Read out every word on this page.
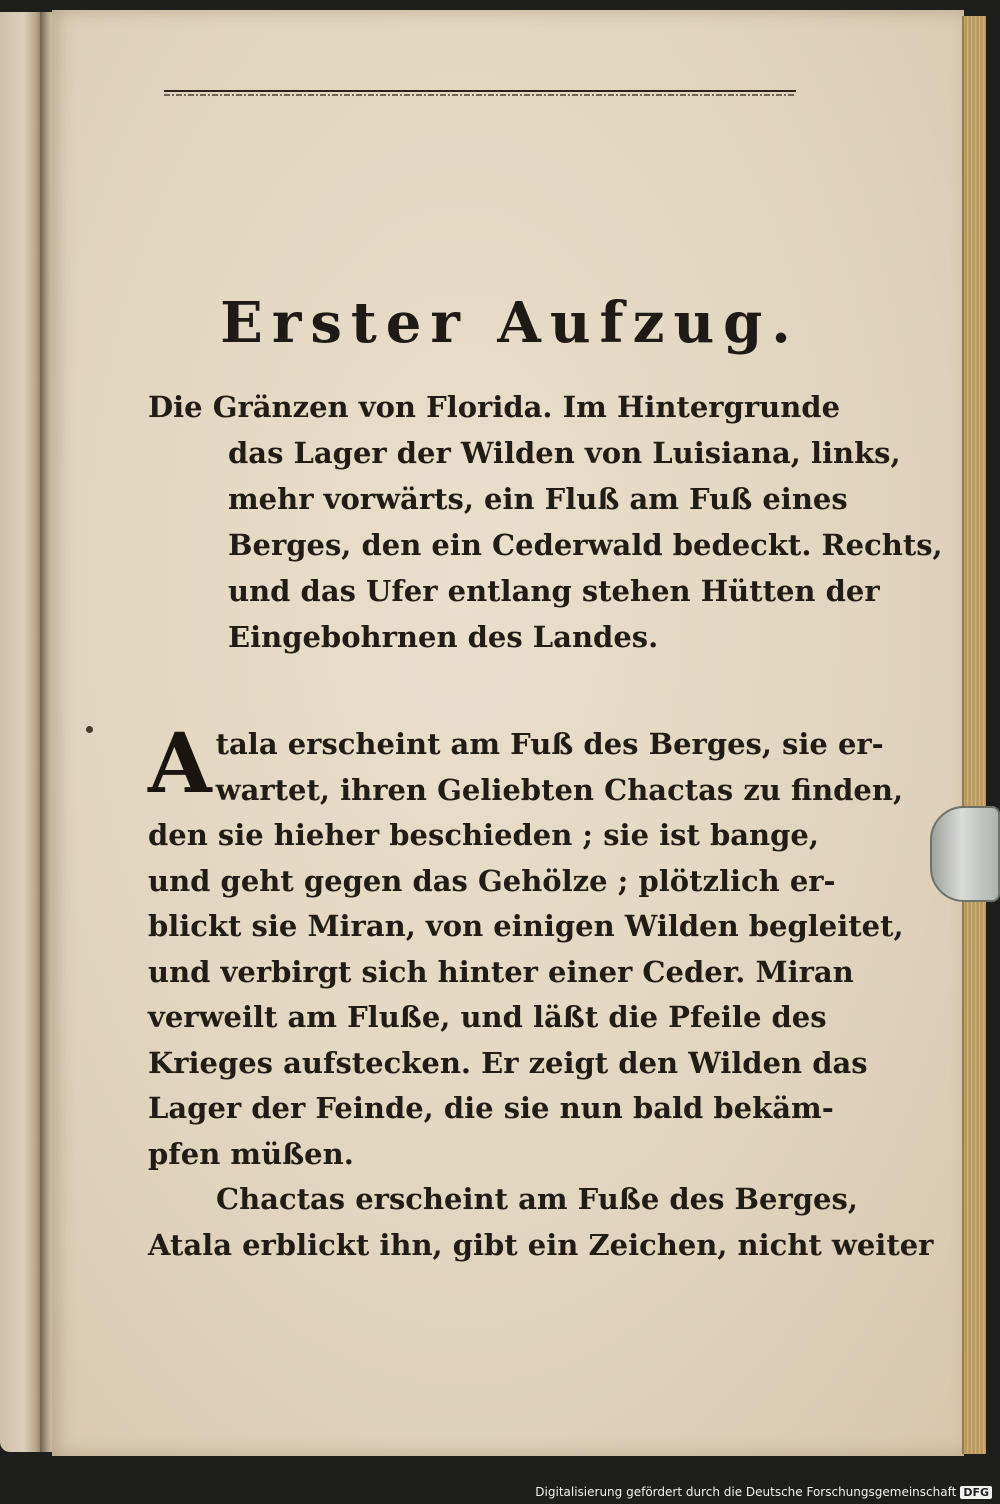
Erster Aufzug.
Die Gränzen von Florida. Im Hintergrunde
das Lager der Wilden von Luisiana, links,
mehr vorwärts, ein Fluß am Fuß eines
Berges, den ein Cederwald bedeckt. Rechts,
und das Ufer entlang stehen Hütten der
Eingebohrnen des Landes.
A tala erscheint am Fuß des Berges, sie er-
wartet, ihren Geliebten Chactas zu finden,
den sie hieher beschieden ; sie ist bange,
und geht gegen das Gehölze ; plötzlich er-
blickt sie Miran, von einigen Wilden begleitet,
und verbirgt sich hinter einer Ceder. Miran
verweilt am Fluße, und läßt die Pfeile des
Krieges aufstecken. Er zeigt den Wilden das
Lager der Feinde, die sie nun bald bekäm-
pfen müßen.
Chactas erscheint am Fuße des Berges,
Atala erblickt ihn, gibt ein Zeichen, nicht weiter
Digitalisierung gefördert durch die Deutsche Forschungsgemeinschaft DFG
